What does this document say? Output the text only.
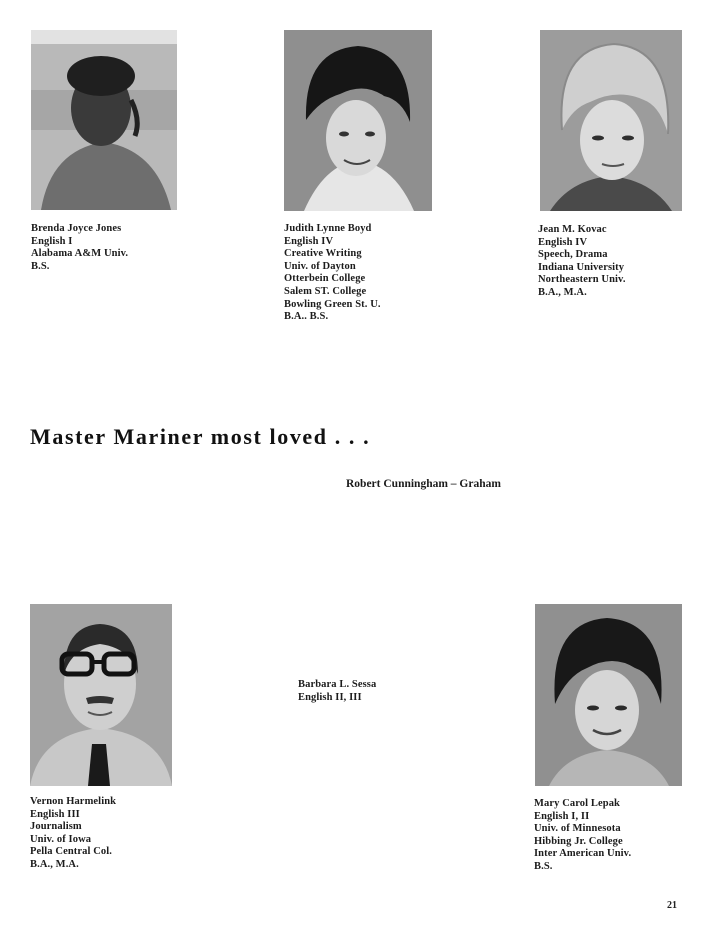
Brenda Joyce Jones
English I
Alabama A&M Univ.
B.S.
Judith Lynne Boyd
English IV
Creative Writing
Univ. of Dayton
Otterbein College
Salem ST. College
Bowling Green St. U.
B.A.. B.S.
Jean M. Kovac
English IV
Speech, Drama
Indiana University
Northeastern Univ.
B.A., M.A.
Master Mariner most loved . . .
Robert Cunningham – Graham
Vernon Harmelink
English III
Journalism
Univ. of Iowa
Pella Central Col.
B.A., M.A.
Barbara L. Sessa
English II, III
Mary Carol Lepak
English I, II
Univ. of Minnesota
Hibbing Jr. College
Inter American Univ.
B.S.
21
